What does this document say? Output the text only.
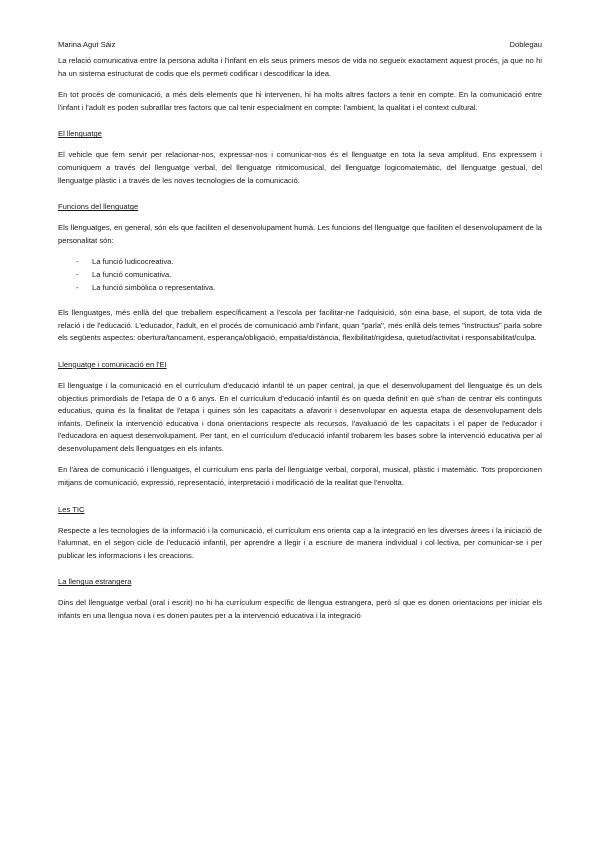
Marina Agut Sáiz	Doblegau

La relació comunicativa entre la persona adulta i l'infant en els seus primers mesos de vida no segueix exactament aquest procés, ja que no hi ha un sistema estructurat de codis que els permeti codificar i descodificar la idea.

En tot procés de comunicació, a més dels elements que hi intervenen, hi ha molts altres factors a tenir en compte. En la comunicació entre l'infant i l'adult es poden subratllar tres factors que cal tenir especialment en compte: l'ambient, la qualitat i el context cultural.

El llenguatge

El vehicle que fem servir per relacionar-nos, expressar-nos i comunicar-nos és el llenguatge en tota la seva amplitud. Ens expressem i comuniquem a través del llenguatge verbal, del llenguatge ritmicomusical, del llenguatge logicomatemàtic, del llenguatge gestual, del llenguatge plàstic i a través de les noves tecnologies de la comunicació.

Funcions del llenguatge

Els llenguatges, en general, són els que faciliten el desenvolupament humà. Les funcions del llenguatge que faciliten el desenvolupament de la personalitat són:

- La funció ludicocreativa.
- La funció comunicativa.
- La funció simbòlica o representativa.

Els llenguatges, més enllà del que treballem específicament a l'escola per facilitar-ne l'adquisició, són eina base, el suport, de tota vida de relació i de l'educació. L'educador, l'adult, en el procés de comunicació amb l'infant, quan "parla", més enllà dels temes "instructius" parla sobre els següents aspectes: obertura/tancament, esperança/obligació, empatia/distància, flexibilitat/rigidesa, quietud/activitat i responsabilitat/culpa.

Llenguatge i comunicació en l'EI

El llenguatge i la comunicació en el currículum d'educació infantil té un paper central, ja que el desenvolupament del llenguatge és un dels objectius primordials de l'etapa de 0 a 6 anys. En el currículum d'educació infantil és on queda definit en què s'han de centrar els continguts educatius, quina és la finalitat de l'etapa i quines són les capacitats a afavorir i desenvolupar en aquesta etapa de desenvolupament dels infants. Defineix la intervenció educativa i dona orientacions respecte als recursos, l'avaluació de les capacitats i el paper de l'educador i l'educadora en aquest desenvolupament. Per tant, en el currículum d'educació infantil trobarem les bases sobre la intervenció educativa per al desenvolupament dels llenguatges en els infants.

En l'àrea de comunicació i llenguatges, el currículum ens parla del llenguatge verbal, corporal, musical, plàstic i matemàtic. Tots proporcionen mitjans de comunicació, expressió, representació, interpretació i modificació de la realitat que l'envolta.

Les TIC

Respecte a les tecnologies de la informació i la comunicació, el currículum ens orienta cap a la integració en les diverses àrees i la iniciació de l'alumnat, en el segon cicle de l'educació infantil, per aprendre a llegir i a escriure de manera individual i col·lectiva, per comunicar-se i per publicar les informacions i les creacions.

La llengua estrangera

Dins del llenguatge verbal (oral i escrit) no hi ha currículum específic de llengua estrangera, però sí que es donen orientacions per iniciar els infants en una llengua nova i es donen pautes per a la intervenció educativa i la integració
